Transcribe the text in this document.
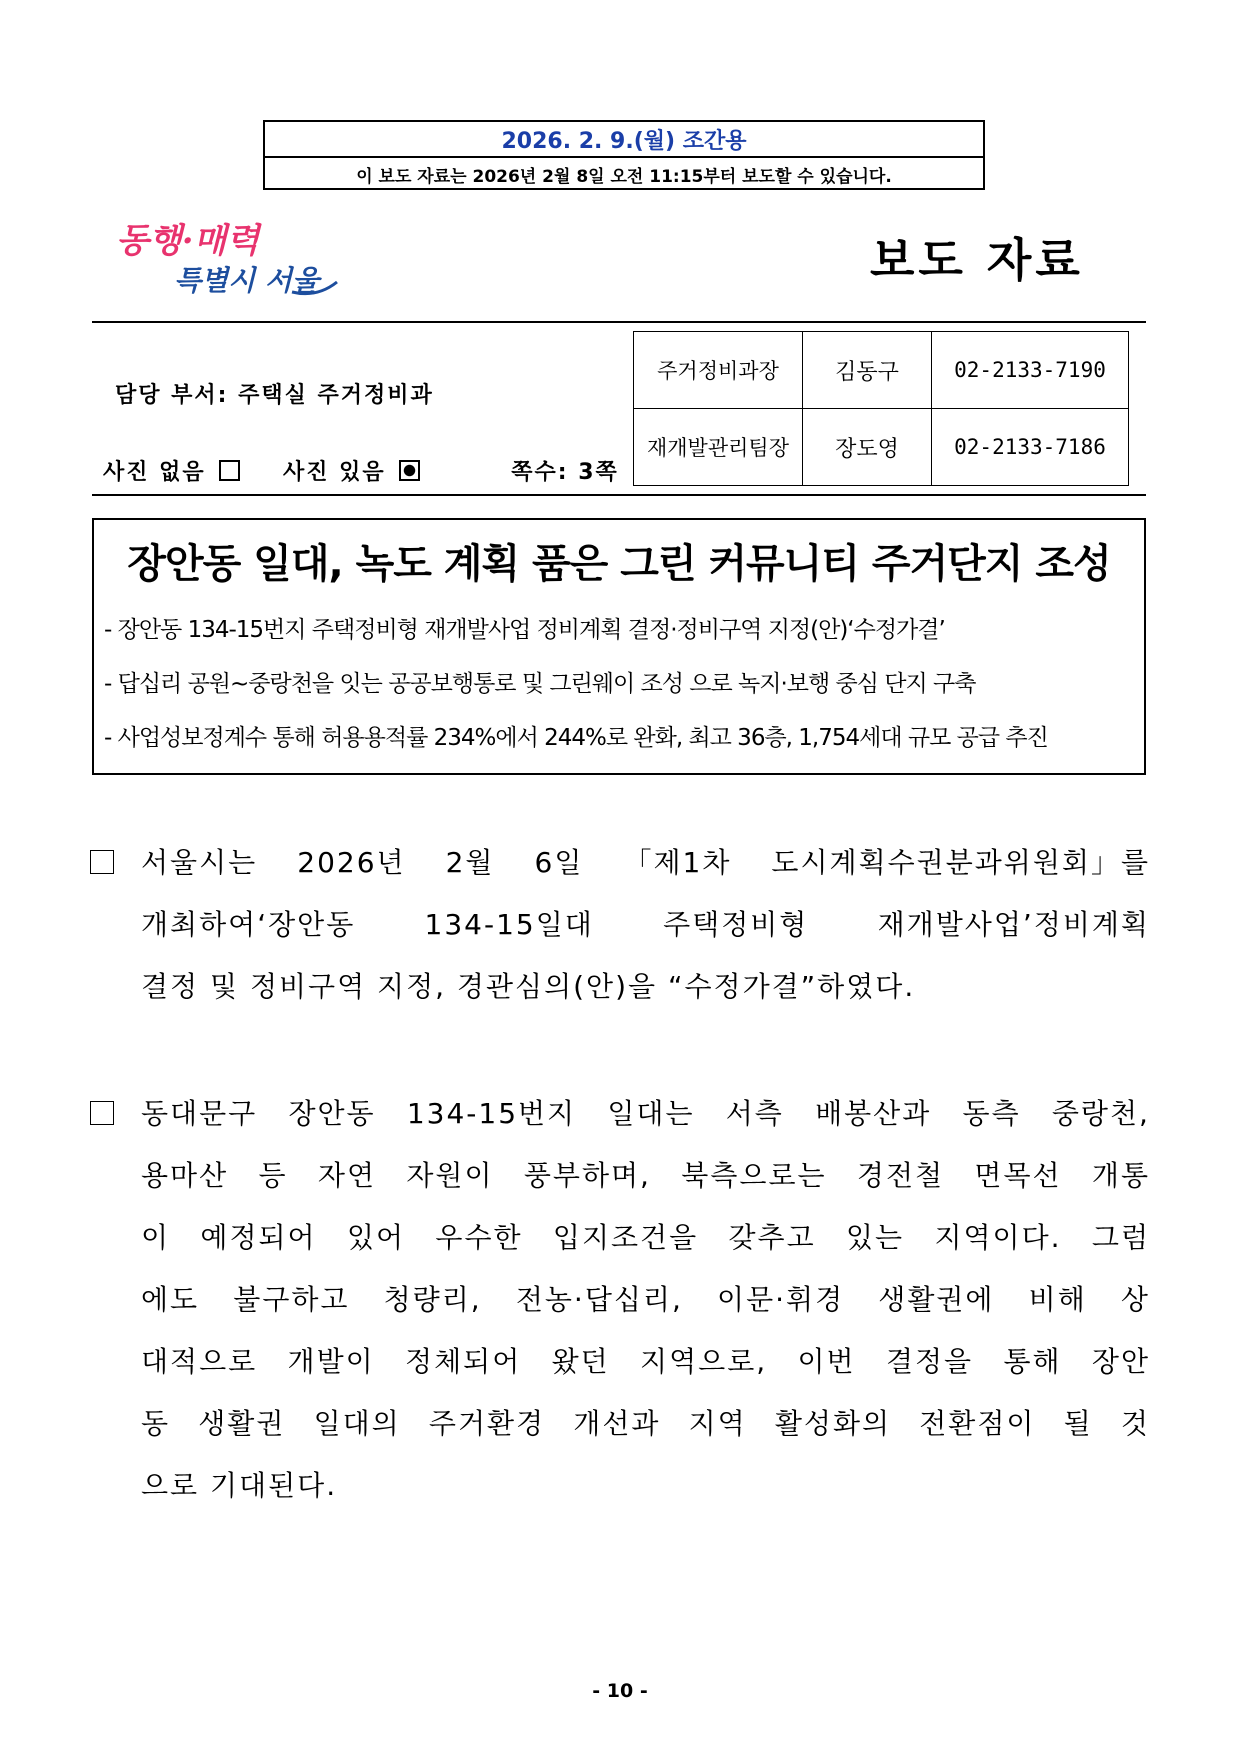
2026. 2. 9.(월) 조간용
이 보도 자료는 2026년 2월 8일 오전 11:15부터 보도할 수 있습니다.
동행·매력
특별시 서울	보도 자료
담당 부서: 주택실 주거정비과
사진 없음	사진 있음	쪽수: 3쪽
주거정비과장	김동구	02-2133-7190
재개발관리팀장	장도영	02-2133-7186
장안동 일대, 녹도 계획 품은 그린 커뮤니티 주거단지 조성
- 장안동 134-15번지 주택정비형 재개발사업 정비계획 결정·정비구역 지정(안)‘수정가결’
- 답십리 공원~중랑천을 잇는 공공보행통로 및 그린웨이 조성 으로 녹지·보행 중심 단지 구축
- 사업성보정계수 통해 허용용적률 234%에서 244%로 완화, 최고 36층, 1,754세대 규모 공급 추진
서울시는 2026년 2월 6일 「제1차 도시계획수권분과위원회」를
개최하여‘장안동 134-15일대 주택정비형 재개발사업’정비계획
결정 및 정비구역 지정, 경관심의(안)을 “수정가결”하였다.
동대문구 장안동 134-15번지 일대는 서측 배봉산과 동측 중랑천,
용마산 등 자연 자원이 풍부하며, 북측으로는 경전철 면목선 개통
이 예정되어 있어 우수한 입지조건을 갖추고 있는 지역이다. 그럼
에도 불구하고 청량리, 전농·답십리, 이문·휘경 생활권에 비해 상
대적으로 개발이 정체되어 왔던 지역으로, 이번 결정을 통해 장안
동 생활권 일대의 주거환경 개선과 지역 활성화의 전환점이 될 것
으로 기대된다.
- 10 -
